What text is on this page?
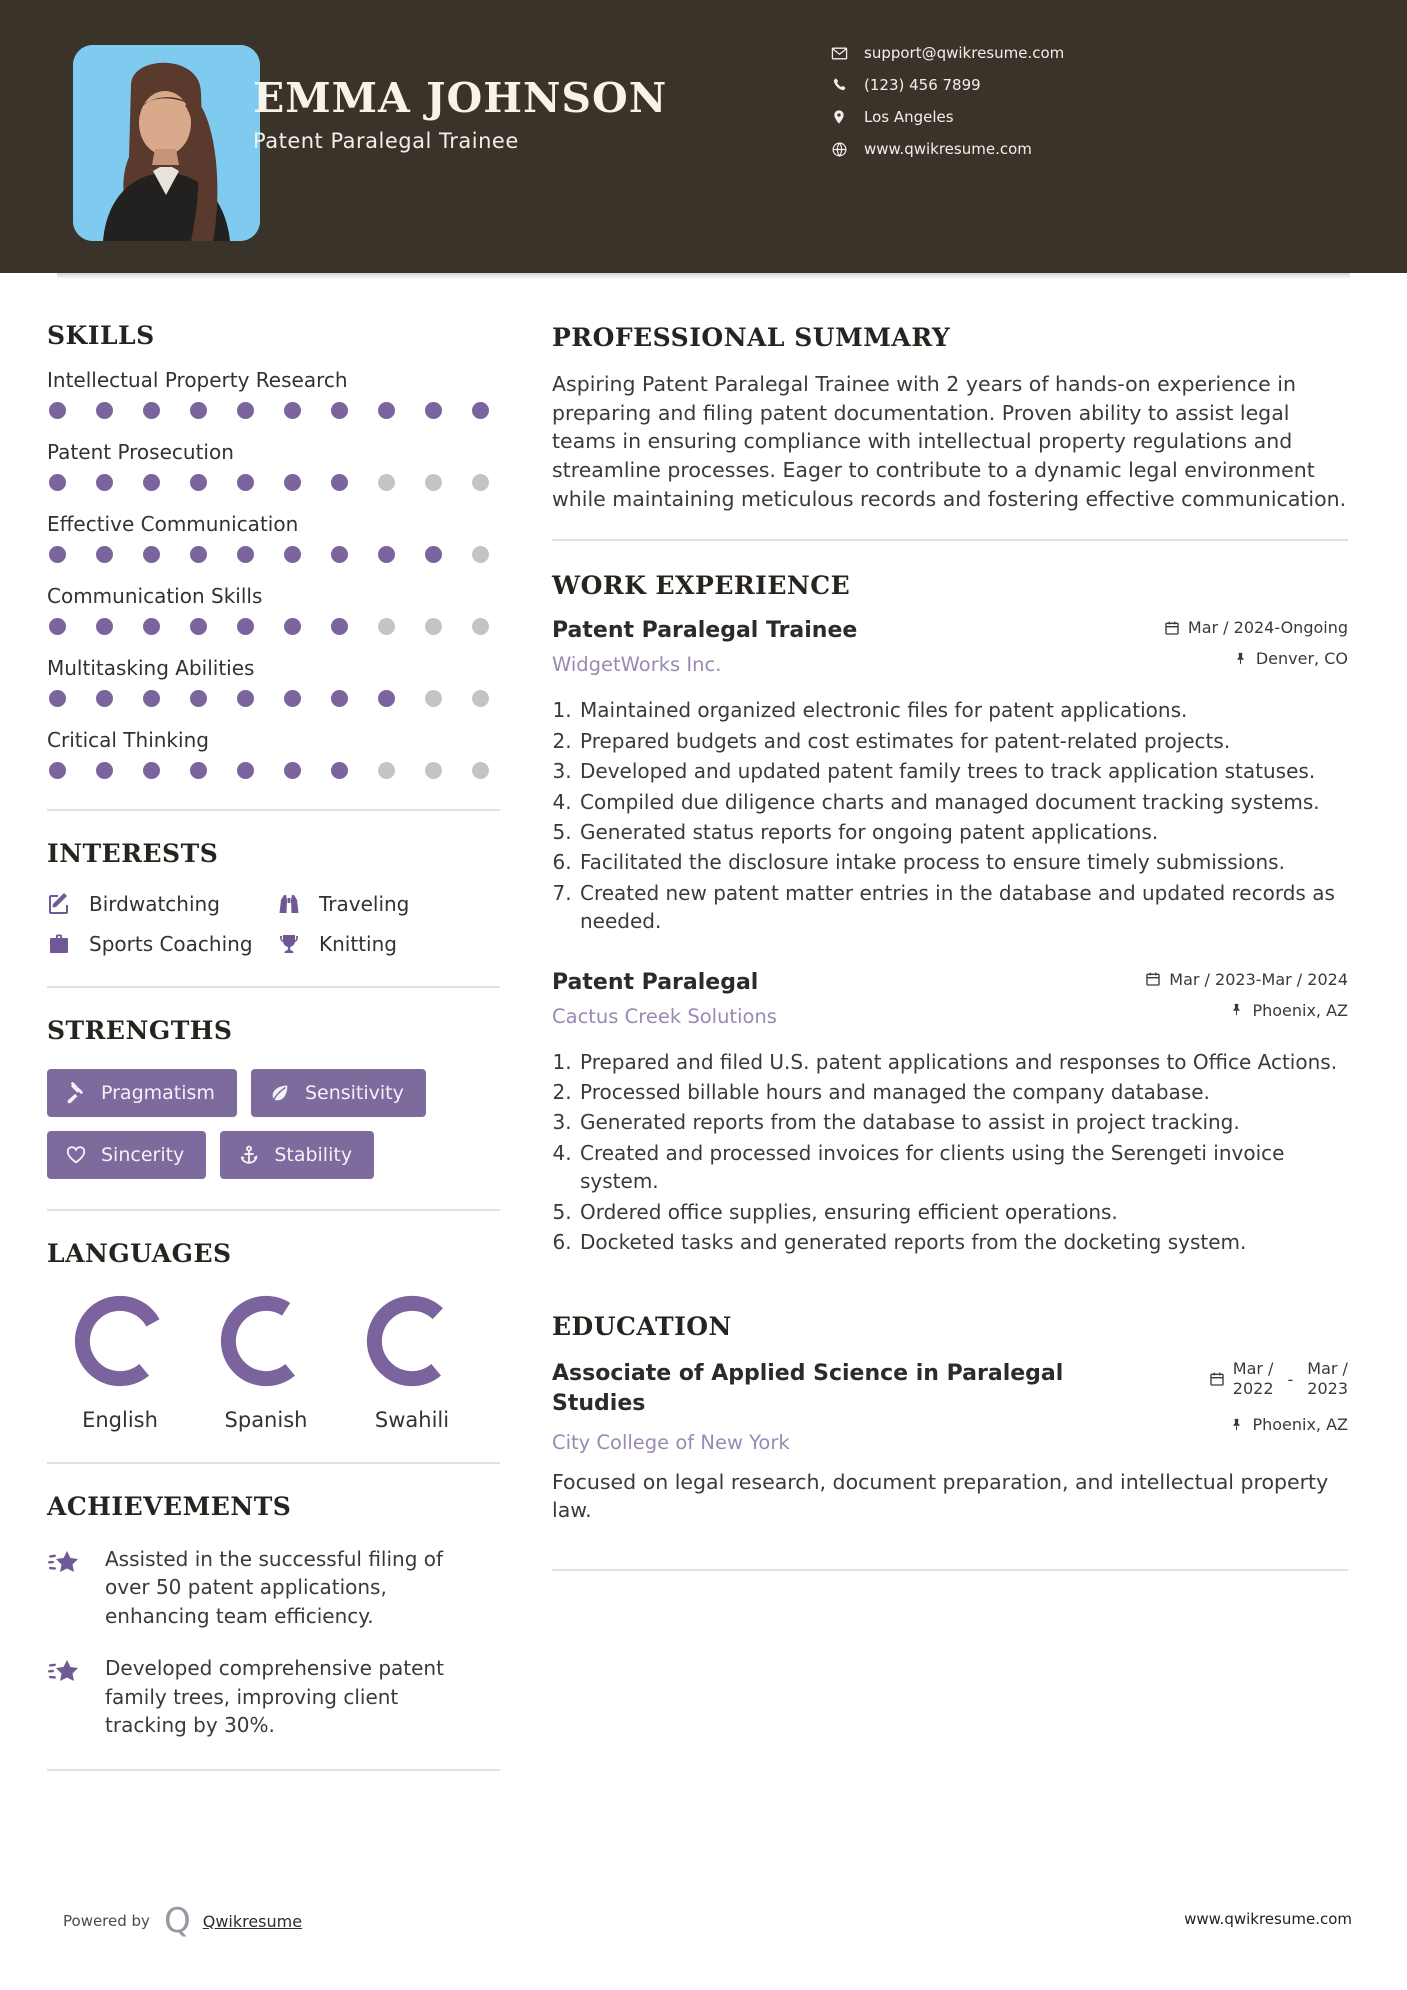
EMMA JOHNSON

Patent Paralegal Trainee

support@qwikresume.com
(123) 456 7899
Los Angeles
www.qwikresume.com
SKILLS
Intellectual Property Research
Patent Prosecution
Effective Communication
Communication Skills
Multitasking Abilities
Critical Thinking
INTERESTS
Birdwatching	Traveling
Sports Coaching	Knitting
STRENGTHS
Pragmatism	Sensitivity
Sincerity	Stability
LANGUAGES
English	Spanish	Swahili
ACHIEVEMENTS
Assisted in the successful filing of over 50 patent applications, enhancing team efficiency.
Developed comprehensive patent family trees, improving client tracking by 30%.
PROFESSIONAL SUMMARY

Aspiring Patent Paralegal Trainee with 2 years of hands-on experience in preparing and filing patent documentation. Proven ability to assist legal teams in ensuring compliance with intellectual property regulations and streamline processes. Eager to contribute to a dynamic legal environment while maintaining meticulous records and fostering effective communication.

WORK EXPERIENCE

Patent Paralegal Trainee

WidgetWorks Inc.

Mar / 2024-Ongoing
Denver, CO
1. Maintained organized electronic files for patent applications.
2. Prepared budgets and cost estimates for patent-related projects.
3. Developed and updated patent family trees to track application statuses.
4. Compiled due diligence charts and managed document tracking systems.
5. Generated status reports for ongoing patent applications.
6. Facilitated the disclosure intake process to ensure timely submissions.
7. Created new patent matter entries in the database and updated records as needed.

Patent Paralegal

Cactus Creek Solutions

Mar / 2023-Mar / 2024
Phoenix, AZ
1. Prepared and filed U.S. patent applications and responses to Office Actions.
2. Processed billable hours and managed the company database.
3. Generated reports from the database to assist in project tracking.
4. Created and processed invoices for clients using the Serengeti invoice system.
5. Ordered office supplies, ensuring efficient operations.
6. Docketed tasks and generated reports from the docketing system.
EDUCATION

Associate of Applied Science in Paralegal Studies

City College of New York

Mar /
2022 -
Mar /
2023
Phoenix, AZ

Focused on legal research, document preparation, and intellectual property law.

Powered by Q Qwikresume	www.qwikresume.com
